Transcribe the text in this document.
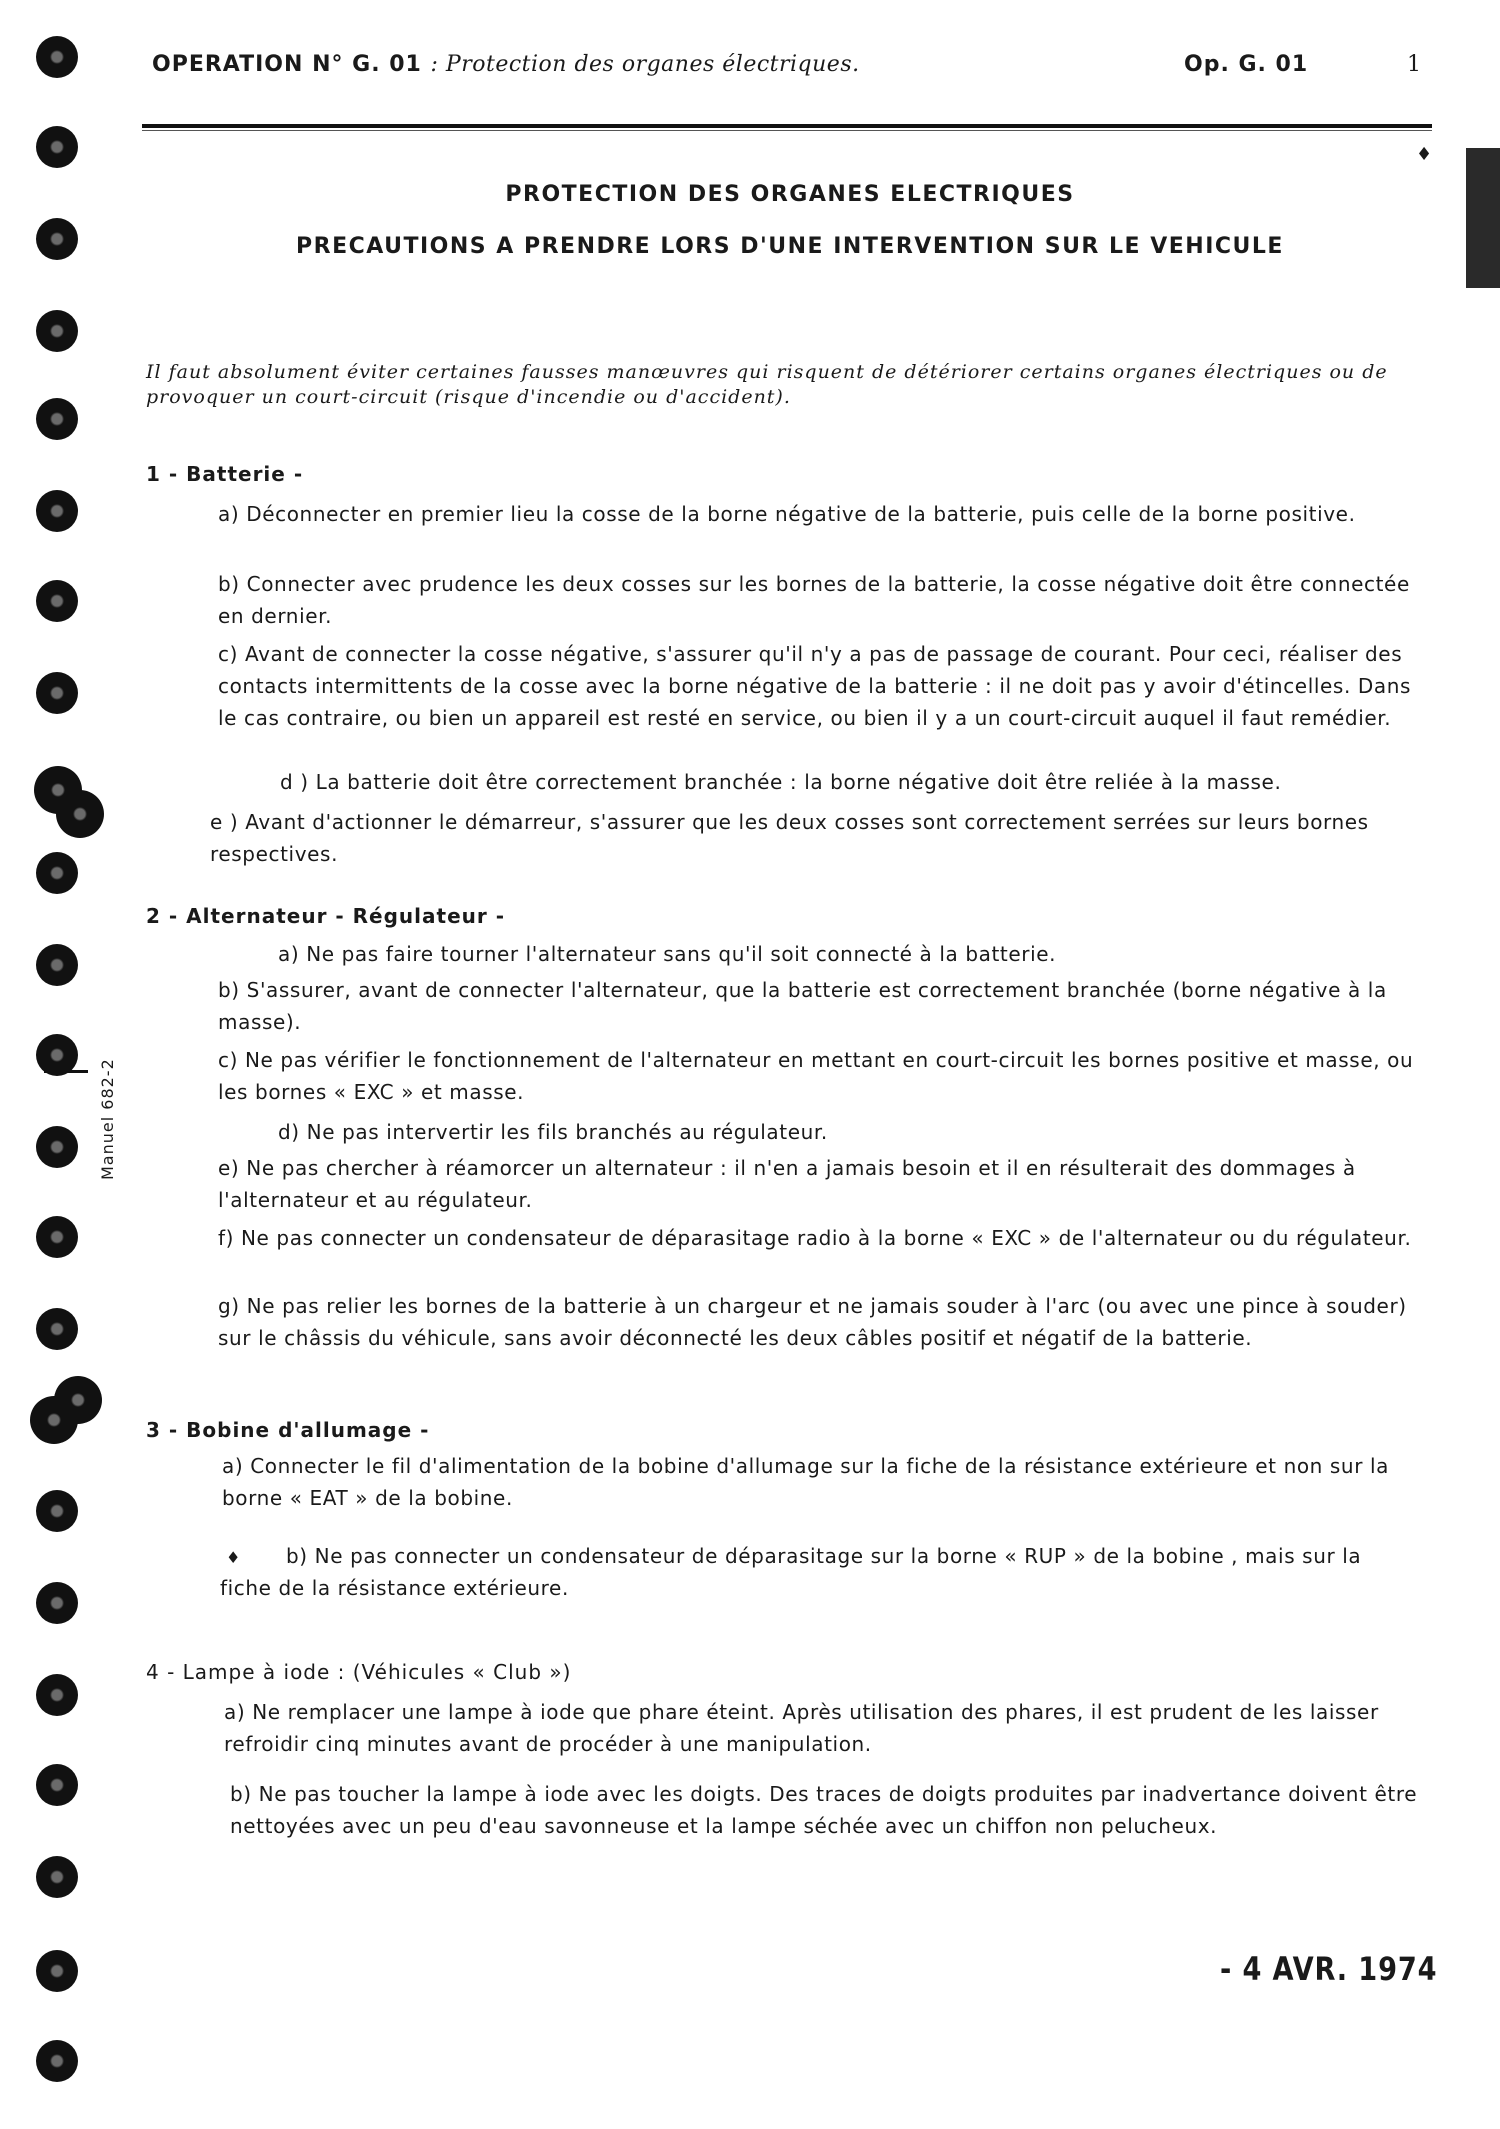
Manuel 682-2
OPERATION N° G. 01 : Protection des organes électriques.	Op. G. 01	1
♦
PROTECTION DES ORGANES ELECTRIQUES
PRECAUTIONS A PRENDRE LORS D'UNE INTERVENTION SUR LE VEHICULE
Il faut absolument éviter certaines fausses manœuvres qui risquent de détériorer certains organes électriques ou de provoquer un court-circuit (risque d'incendie ou d'accident).
1 - Batterie -
a) Déconnecter en premier lieu la cosse de la borne négative de la batterie, puis celle de la borne positive.
b) Connecter avec prudence les deux cosses sur les bornes de la batterie, la cosse négative doit être connectée en dernier.
c) Avant de connecter la cosse négative, s'assurer qu'il n'y a pas de passage de courant. Pour ceci, réaliser des contacts intermittents de la cosse avec la borne négative de la batterie : il ne doit pas y avoir d'étincelles. Dans le cas contraire, ou bien un appareil est resté en service, ou bien il y a un court-circuit auquel il faut remédier.
d ) La batterie doit être correctement branchée : la borne négative doit être reliée à la masse.
e ) Avant d'actionner le démarreur, s'assurer que les deux cosses sont correctement serrées sur leurs bornes respectives.
2 - Alternateur - Régulateur -
a) Ne pas faire tourner l'alternateur sans qu'il soit connecté à la batterie.
b) S'assurer, avant de connecter l'alternateur, que la batterie est correctement branchée (borne négative à la masse).
c) Ne pas vérifier le fonctionnement de l'alternateur en mettant en court-circuit les bornes positive et masse, ou les bornes « EXC » et masse.
d) Ne pas intervertir les fils branchés au régulateur.
e) Ne pas chercher à réamorcer un alternateur : il n'en a jamais besoin et il en résulterait des dommages à l'alternateur et au régulateur.
f) Ne pas connecter un condensateur de déparasitage radio à la borne « EXC » de l'alternateur ou du régulateur.
g) Ne pas relier les bornes de la batterie à un chargeur et ne jamais souder à l'arc (ou avec une pince à souder) sur le châssis du véhicule, sans avoir déconnecté les deux câbles positif et négatif de la batterie.
3 - Bobine d'allumage -
a) Connecter le fil d'alimentation de la bobine d'allumage sur la fiche de la résistance extérieure et non sur la borne « EAT » de la bobine.
♦	b) Ne pas connecter un condensateur de déparasitage sur la borne « RUP » de la bobine , mais sur la fiche de la résistance extérieure.
4 - Lampe à iode : (Véhicules « Club »)
a) Ne remplacer une lampe à iode que phare éteint. Après utilisation des phares, il est prudent de les laisser refroidir cinq minutes avant de procéder à une manipulation.
b) Ne pas toucher la lampe à iode avec les doigts. Des traces de doigts produites par inadvertance doivent être nettoyées avec un peu d'eau savonneuse et la lampe séchée avec un chiffon non pelucheux.
- 4 AVR. 1974
